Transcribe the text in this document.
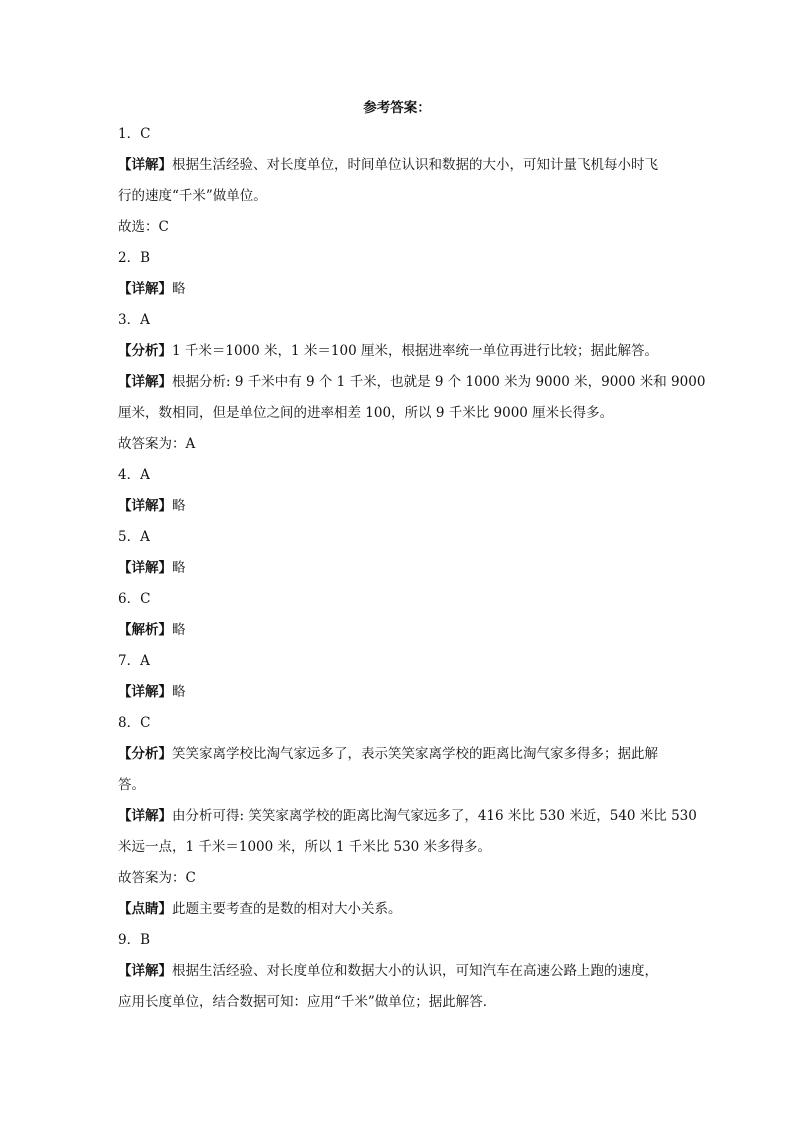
参考答案：
1．C
【详解】根据生活经验、对长度单位，时间单位认识和数据的大小，可知计量飞机每小时飞
行的速度“千米”做单位。
故选：C
2．B
【详解】略
3．A
【分析】1 千米＝1000 米，1 米＝100 厘米，根据进率统一单位再进行比较；据此解答。
【详解】根据分析: 9 千米中有 9 个 1 千米，也就是 9 个 1000 米为 9000 米，9000 米和 9000
厘米，数相同，但是单位之间的进率相差 100，所以 9 千米比 9000 厘米长得多。
故答案为：A
4．A
【详解】略
5．A
【详解】略
6．C
【解析】略
7．A
【详解】略
8．C
【分析】笑笑家离学校比淘气家远多了，表示笑笑家离学校的距离比淘气家多得多；据此解
答。
【详解】由分析可得: 笑笑家离学校的距离比淘气家远多了，416 米比 530 米近，540 米比 530
米远一点，1 千米＝1000 米，所以 1 千米比 530 米多得多。
故答案为：C
【点睛】此题主要考查的是数的相对大小关系。
9．B
【详解】根据生活经验、对长度单位和数据大小的认识，可知汽车在高速公路上跑的速度，
应用长度单位，结合数据可知：应用“千米”做单位；据此解答．
